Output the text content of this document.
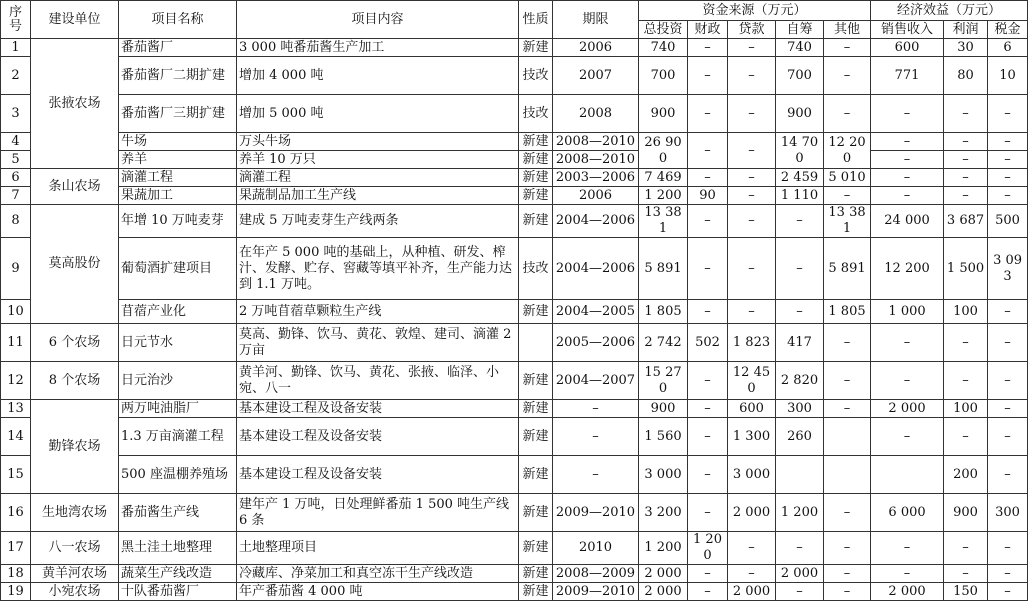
序号	建设单位	项目名称	项目内容	性质	期限	资金来源（万元）					经济效益（万元）		
						总投资	财政	贷款	自筹	其他	销售收入	利润	税金
1	张掖农场	番茄酱厂	3 000 吨番茄酱生产加工	新建	2006	740	–	–	740	–	600	30	6
2		番茄酱厂二期扩建	增加 4 000 吨	技改	2007	700	–	–	700	–	771	80	10
3		番茄酱厂三期扩建	增加 5 000 吨	技改	2008	900	–	–	900	–	–	–	–
4		牛场	万头牛场	新建	2008—2010	26 900	–	–	14 700	12 200	–	–	–
5		养羊	养羊 10 万只	新建	2008—2010						–	–	–
6	条山农场	滴灌工程	滴灌工程	新建	2003—2006	7 469	–	–	2 459	5 010	–	–	–
7		果蔬加工	果蔬制品加工生产线	新建	2006	1 200	90	–	1 110	–	–	–	–
8	莫高股份	年增 10 万吨麦芽	建成 5 万吨麦芽生产线两条	新建	2004—2006	13 381	–	–	–	13 381	24 000	3 687	500
9		葡萄酒扩建项目	在年产 5 000 吨的基础上，从种植、研发、榨汁、发酵、贮存、窖藏等填平补齐，生产能力达到 1.1 万吨。	技改	2004—2006	5 891	–	–	–	5 891	12 200	1 500	3 093
10		苜蓿产业化	2 万吨苜蓿草颗粒生产线	新建	2004—2005	1 805	–	–	–	1 805	1 000	100	–
11	6 个农场	日元节水	莫高、勤锋、饮马、黄花、敦煌、建司、滴灌 2 万亩		2005—2006	2 742	502	1 823	417	–	–	–	–
12	8 个农场	日元治沙	黄羊河、勤锋、饮马、黄花、张掖、临泽、小宛、八一	新建	2004—2007	15 270	–	12 450	2 820	–	–	–	–
13	勤锋农场	两万吨油脂厂	基本建设工程及设备安装	新建	–	900	–	600	300	–	2 000	100	–
14		1.3 万亩滴灌工程	基本建设工程及设备安装	新建	–	1 560	–	1 300	260		–	–	–
15		500 座温棚养殖场	基本建设工程及设备安装	新建	–	3 000	–	3 000				200	–
16	生地湾农场	番茄酱生产线	建年产 1 万吨，日处理鲜番茄 1 500 吨生产线 6 条	新建	2009—2010	3 200	–	2 000	1 200	–	6 000	900	300
17	八一农场	黑土洼土地整理	土地整理项目	新建	2010	1 200	1 200	–	–	–	–	–	–
18	黄羊河农场	蔬菜生产线改造	冷藏库、净菜加工和真空冻干生产线改造	新建	2008—2009	2 000	–	–	2 000	–	–	–	–
19	小宛农场	十队番茄酱厂	年产番茄酱 4 000 吨	新建	2009—2010	2 000	–	2 000	–	–	2 000	150	–
